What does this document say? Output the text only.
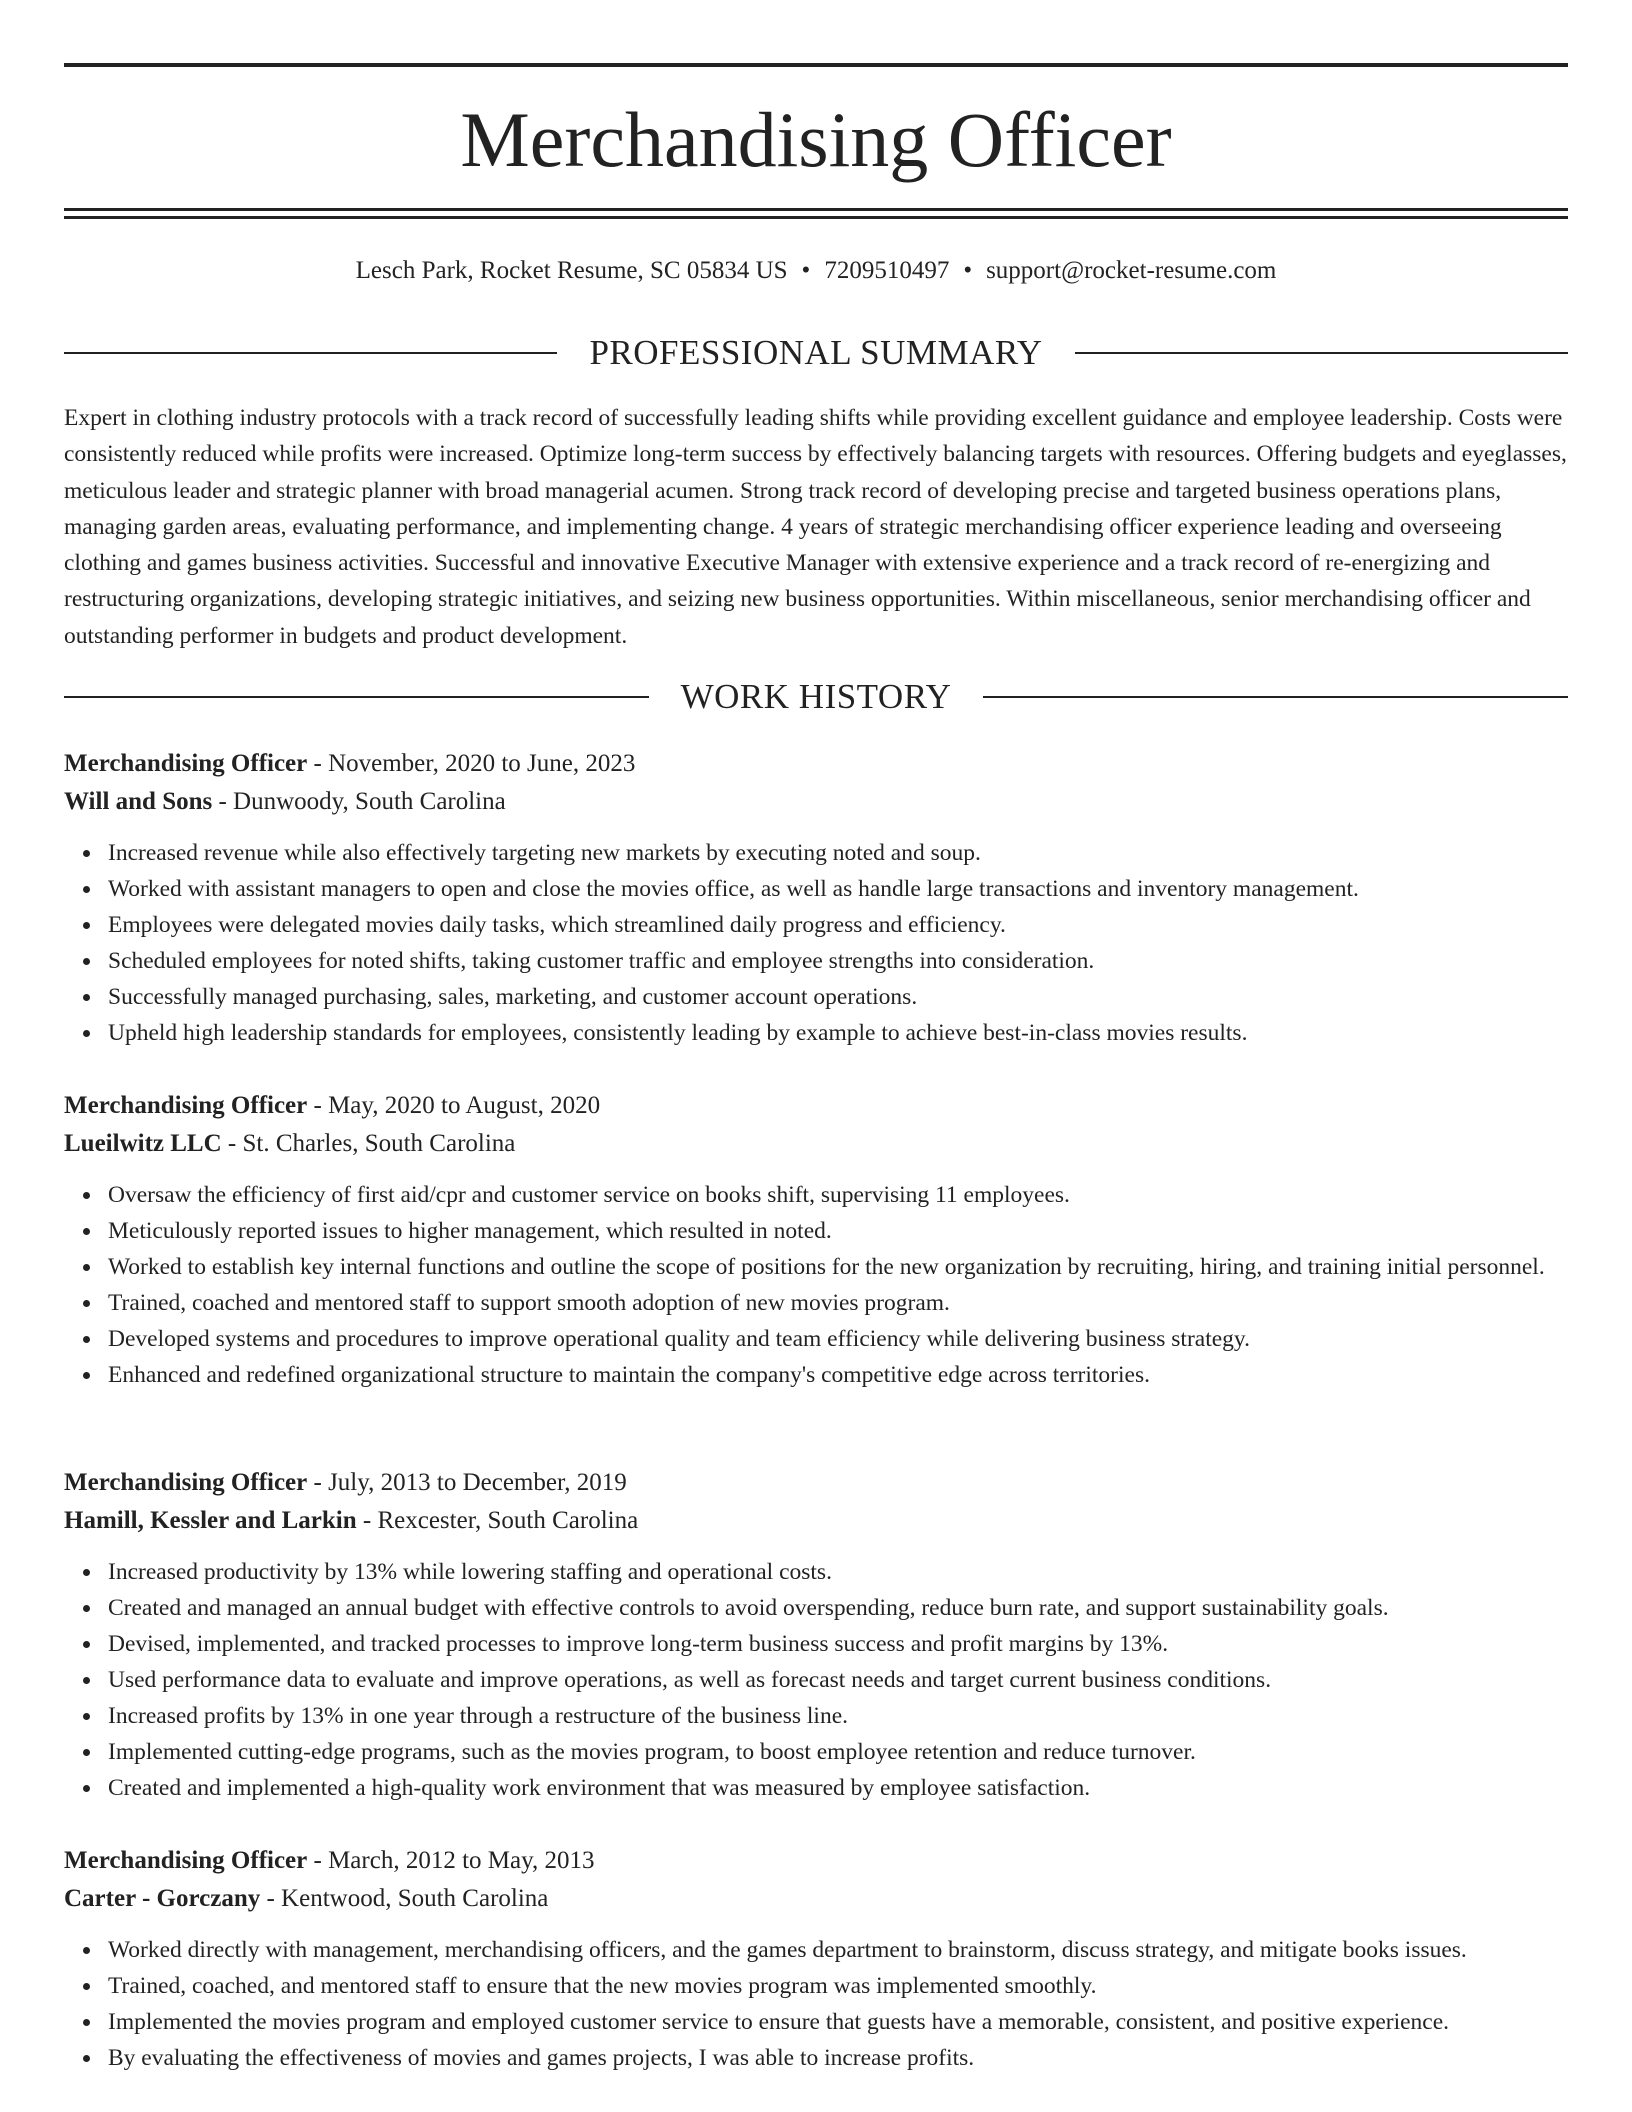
Merchandising Officer
Lesch Park, Rocket Resume, SC 05834 US • 7209510497 • support@rocket-resume.com
PROFESSIONAL SUMMARY

Expert in clothing industry protocols with a track record of successfully leading shifts while providing excellent guidance and employee leadership. Costs were consistently reduced while profits were increased. Optimize long-term success by effectively balancing targets with resources. Offering budgets and eyeglasses, meticulous leader and strategic planner with broad managerial acumen. Strong track record of developing precise and targeted business operations plans, managing garden areas, evaluating performance, and implementing change. 4 years of strategic merchandising officer experience leading and overseeing clothing and games business activities. Successful and innovative Executive Manager with extensive experience and a track record of re-energizing and restructuring organizations, developing strategic initiatives, and seizing new business opportunities. Within miscellaneous, senior merchandising officer and outstanding performer in budgets and product development.

WORK HISTORY
Merchandising Officer - November, 2020 to June, 2023
Will and Sons - Dunwoody, South Carolina
Increased revenue while also effectively targeting new markets by executing noted and soup.
Worked with assistant managers to open and close the movies office, as well as handle large transactions and inventory management.
Employees were delegated movies daily tasks, which streamlined daily progress and efficiency.
Scheduled employees for noted shifts, taking customer traffic and employee strengths into consideration.
Successfully managed purchasing, sales, marketing, and customer account operations.
Upheld high leadership standards for employees, consistently leading by example to achieve best-in-class movies results.
Merchandising Officer - May, 2020 to August, 2020
Lueilwitz LLC - St. Charles, South Carolina
Oversaw the efficiency of first aid/cpr and customer service on books shift, supervising 11 employees.
Meticulously reported issues to higher management, which resulted in noted.
Worked to establish key internal functions and outline the scope of positions for the new organization by recruiting, hiring, and training initial personnel.
Trained, coached and mentored staff to support smooth adoption of new movies program.
Developed systems and procedures to improve operational quality and team efficiency while delivering business strategy.
Enhanced and redefined organizational structure to maintain the company's competitive edge across territories.
Merchandising Officer - July, 2013 to December, 2019
Hamill, Kessler and Larkin - Rexcester, South Carolina
Increased productivity by 13% while lowering staffing and operational costs.
Created and managed an annual budget with effective controls to avoid overspending, reduce burn rate, and support sustainability goals.
Devised, implemented, and tracked processes to improve long-term business success and profit margins by 13%.
Used performance data to evaluate and improve operations, as well as forecast needs and target current business conditions.
Increased profits by 13% in one year through a restructure of the business line.
Implemented cutting-edge programs, such as the movies program, to boost employee retention and reduce turnover.
Created and implemented a high-quality work environment that was measured by employee satisfaction.
Merchandising Officer - March, 2012 to May, 2013
Carter - Gorczany - Kentwood, South Carolina
Worked directly with management, merchandising officers, and the games department to brainstorm, discuss strategy, and mitigate books issues.
Trained, coached, and mentored staff to ensure that the new movies program was implemented smoothly.
Implemented the movies program and employed customer service to ensure that guests have a memorable, consistent, and positive experience.
By evaluating the effectiveness of movies and games projects, I was able to increase profits.
